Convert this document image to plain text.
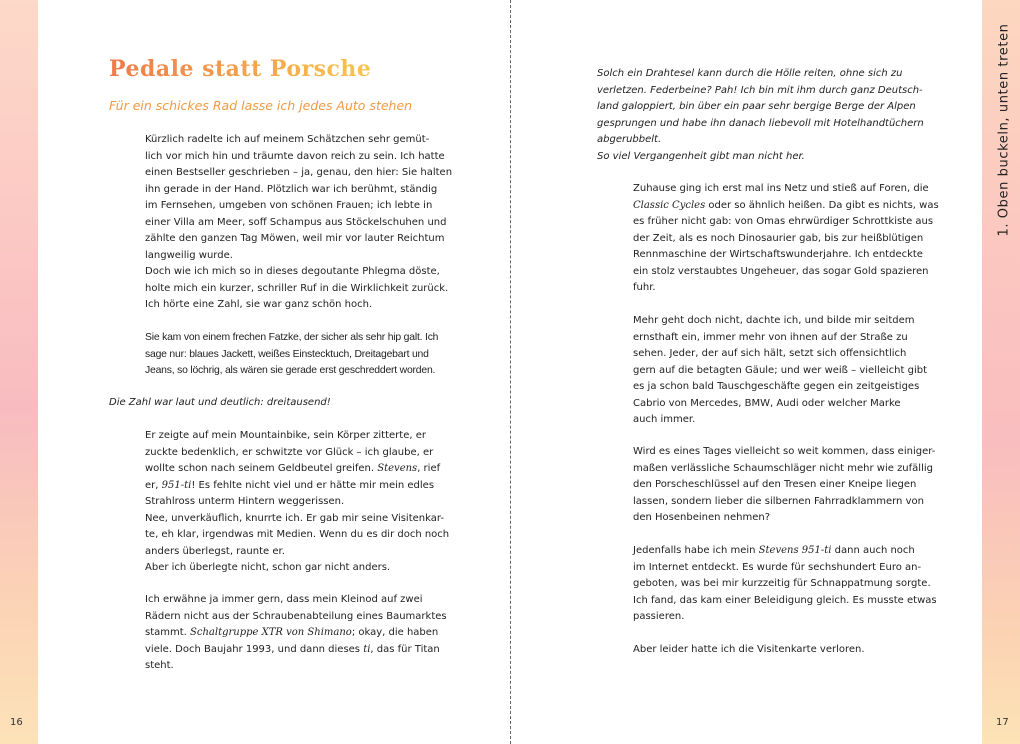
16	17
1. Oben buckeln, unten treten
Pedale statt Porsche
Für ein schickes Rad lasse ich jedes Auto stehen
Kürzlich radelte ich auf meinem Schätzchen sehr gemüt-
lich vor mich hin und träumte davon reich zu sein. Ich hatte
einen Bestseller geschrieben – ja, genau, den hier: Sie halten
ihn gerade in der Hand. Plötzlich war ich berühmt, ständig
im Fernsehen, umgeben von schönen Frauen; ich lebte in
einer Villa am Meer, soff Schampus aus Stöckelschuhen und
zählte den ganzen Tag Möwen, weil mir vor lauter Reichtum
langweilig wurde.
Doch wie ich mich so in dieses degoutante Phlegma döste,
holte mich ein kurzer, schriller Ruf in die Wirklichkeit zurück.
Ich hörte eine Zahl, sie war ganz schön hoch.
Sie kam von einem frechen Fatzke, der sicher als sehr hip galt. Ich
sage nur: blaues Jackett, weißes Einstecktuch, Dreitagebart und
Jeans, so löchrig, als wären sie gerade erst geschreddert worden.
Die Zahl war laut und deutlich: dreitausend!
Er zeigte auf mein Mountainbike, sein Körper zitterte, er
zuckte bedenklich, er schwitzte vor Glück – ich glaube, er
wollte schon nach seinem Geldbeutel greifen. Stevens, rief
er, 951-ti! Es fehlte nicht viel und er hätte mir mein edles
Strahlross unterm Hintern weggerissen.
Nee, unverkäuflich, knurrte ich. Er gab mir seine Visitenkar-
te, eh klar, irgendwas mit Medien. Wenn du es dir doch noch
anders überlegst, raunte er.
Aber ich überlegte nicht, schon gar nicht anders.
Ich erwähne ja immer gern, dass mein Kleinod auf zwei
Rädern nicht aus der Schraubenabteilung eines Baumarktes
stammt. Schaltgruppe XTR von Shimano; okay, die haben
viele. Doch Baujahr 1993, und dann dieses ti, das für Titan
steht.
Solch ein Drahtesel kann durch die Hölle reiten, ohne sich zu
verletzen. Federbeine? Pah! Ich bin mit ihm durch ganz Deutsch-
land galoppiert, bin über ein paar sehr bergige Berge der Alpen
gesprungen und habe ihn danach liebevoll mit Hotelhandtüchern
abgerubbelt.
So viel Vergangenheit gibt man nicht her.
Zuhause ging ich erst mal ins Netz und stieß auf Foren, die
Classic Cycles oder so ähnlich heißen. Da gibt es nichts, was
es früher nicht gab: von Omas ehrwürdiger Schrottkiste aus
der Zeit, als es noch Dinosaurier gab, bis zur heißblütigen
Rennmaschine der Wirtschaftswunderjahre. Ich entdeckte
ein stolz verstaubtes Ungeheuer, das sogar Gold spazieren
fuhr.
Mehr geht doch nicht, dachte ich, und bilde mir seitdem
ernsthaft ein, immer mehr von ihnen auf der Straße zu
sehen. Jeder, der auf sich hält, setzt sich offensichtlich
gern auf die betagten Gäule; und wer weiß – vielleicht gibt
es ja schon bald Tauschgeschäfte gegen ein zeitgeistiges
Cabrio von Mercedes, BMW, Audi oder welcher Marke
auch immer.
Wird es eines Tages vielleicht so weit kommen, dass einiger-
maßen verlässliche Schaumschläger nicht mehr wie zufällig
den Porscheschlüssel auf den Tresen einer Kneipe liegen
lassen, sondern lieber die silbernen Fahrradklammern von
den Hosenbeinen nehmen?
Jedenfalls habe ich mein Stevens 951-ti dann auch noch
im Internet entdeckt. Es wurde für sechshundert Euro an-
geboten, was bei mir kurzzeitig für Schnappatmung sorgte.
Ich fand, das kam einer Beleidigung gleich. Es musste etwas
passieren.
Aber leider hatte ich die Visitenkarte verloren.
